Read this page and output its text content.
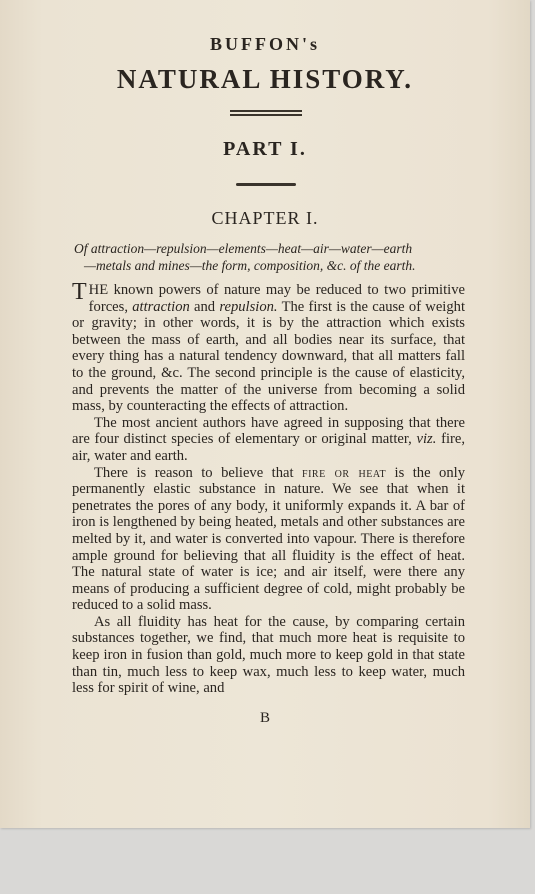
BUFFON's
NATURAL HISTORY.
PART I.
CHAPTER I.
Of attraction—repulsion—elements—heat—air—water—earth
—metals and mines—the form, composition, &c. of the earth.

THE known powers of nature may be reduced to two primitive forces, attraction and repulsion. The first is the cause of weight or gravity; in other words, it is by the attraction which exists between the mass of earth, and all bodies near its surface, that every thing has a natural tendency downward, that all matters fall to the ground, &c. The second principle is the cause of elasticity, and prevents the matter of the universe from becoming a solid mass, by counteracting the effects of attraction.

The most ancient authors have agreed in supposing that there are four distinct species of elementary or original matter, viz. fire, air, water and earth.

There is reason to believe that fire or heat is the only permanently elastic substance in nature. We see that when it penetrates the pores of any body, it uniformly expands it. A bar of iron is lengthened by being heated, metals and other substances are melted by it, and water is converted into vapour. There is therefore ample ground for believing that all fluidity is the effect of heat. The natural state of water is ice; and air itself, were there any means of producing a sufficient degree of cold, might probably be reduced to a solid mass.

As all fluidity has heat for the cause, by comparing certain substances together, we find, that much more heat is requisite to keep iron in fusion than gold, much more to keep gold in that state than tin, much less to keep wax, much less to keep water, much less for spirit of wine, and

B
